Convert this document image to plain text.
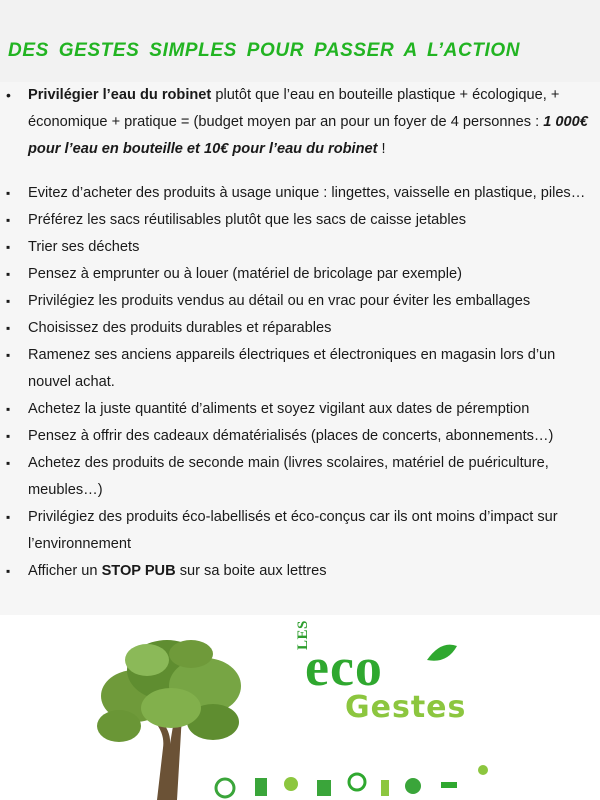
DES GESTES SIMPLES POUR PASSER A L’ACTION
•	Privilégier l’eau du robinet plutôt que l’eau en bouteille plastique + écologique, + économique + pratique = (budget moyen par an pour un foyer de 4 personnes : 1 000€ pour l’eau en bouteille et 10€ pour l’eau du robinet !
▪	Evitez d’acheter des produits à usage unique : lingettes, vaisselle en plastique, piles…
▪	Préférez les sacs réutilisables plutôt que les sacs de caisse jetables
▪	Trier ses déchets
▪	Pensez à emprunter ou à louer (matériel de bricolage par exemple)
▪	Privilégiez les produits vendus au détail ou en vrac pour éviter les emballages
▪	Choisissez des produits durables et réparables
▪	Ramenez ses anciens appareils électriques et électroniques en magasin lors d’un nouvel achat.
▪	Achetez la juste quantité d’aliments et soyez vigilant aux dates de péremption
▪	Pensez à offrir des cadeaux dématérialisés (places de concerts, abonnements…)
▪	Achetez des produits de seconde main (livres scolaires, matériel de puériculture, meubles…)
▪	Privilégiez des produits éco-labellisés et éco-conçus car ils ont moins d’impact sur l’environnement
▪	Afficher un STOP PUB sur sa boite aux lettres
LES
eco
Gestes
